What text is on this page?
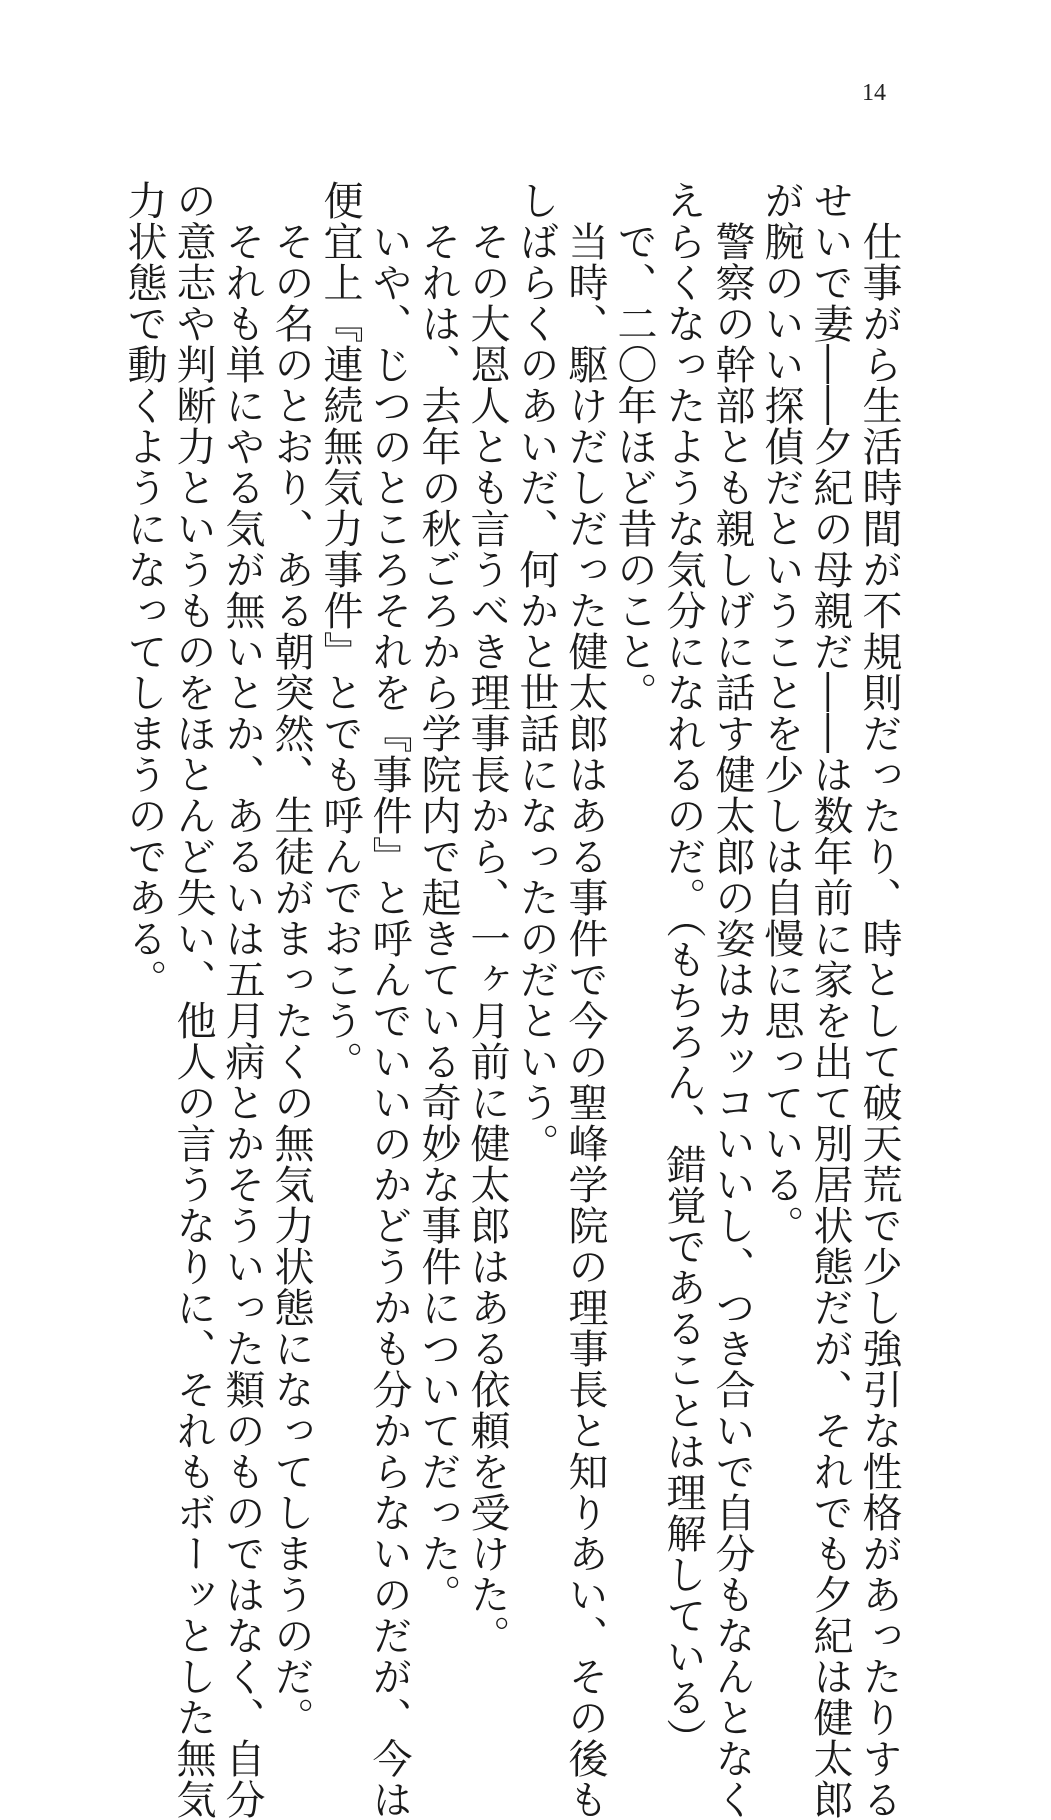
14

　仕事がら生活時間が不規則だったり、時として破天荒で少し強引な性格があったりする

せいで妻――夕紀の母親だ――は数年前に家を出て別居状態だが、それでも夕紀は健太郎

が腕のいい探偵だということを少しは自慢に思っている。

　警察の幹部とも親しげに話す健太郎の姿はカッコいいし、つき合いで自分もなんとなく

えらくなったような気分になれるのだ。（もちろん、錯覚であることは理解している）

　で、二〇年ほど昔のこと。

　当時、駆けだしだった健太郎はある事件で今の聖峰学院の理事長と知りあい、その後も

しばらくのあいだ、何かと世話になったのだという。

　その大恩人とも言うべき理事長から、一ヶ月前に健太郎はある依頼を受けた。

　それは、去年の秋ごろから学院内で起きている奇妙な事件についてだった。

　いや、じつのところそれを『事件』と呼んでいいのかどうかも分からないのだが、今は

便宜上『連続無気力事件』とでも呼んでおこう。

　その名のとおり、ある朝突然、生徒がまったくの無気力状態になってしまうのだ。

　それも単にやる気が無いとか、あるいは五月病とかそういった類のものではなく、自分

の意志や判断力というものをほとんど失い、他人の言うなりに、それもボーッとした無気

力状態で動くようになってしまうのである。
